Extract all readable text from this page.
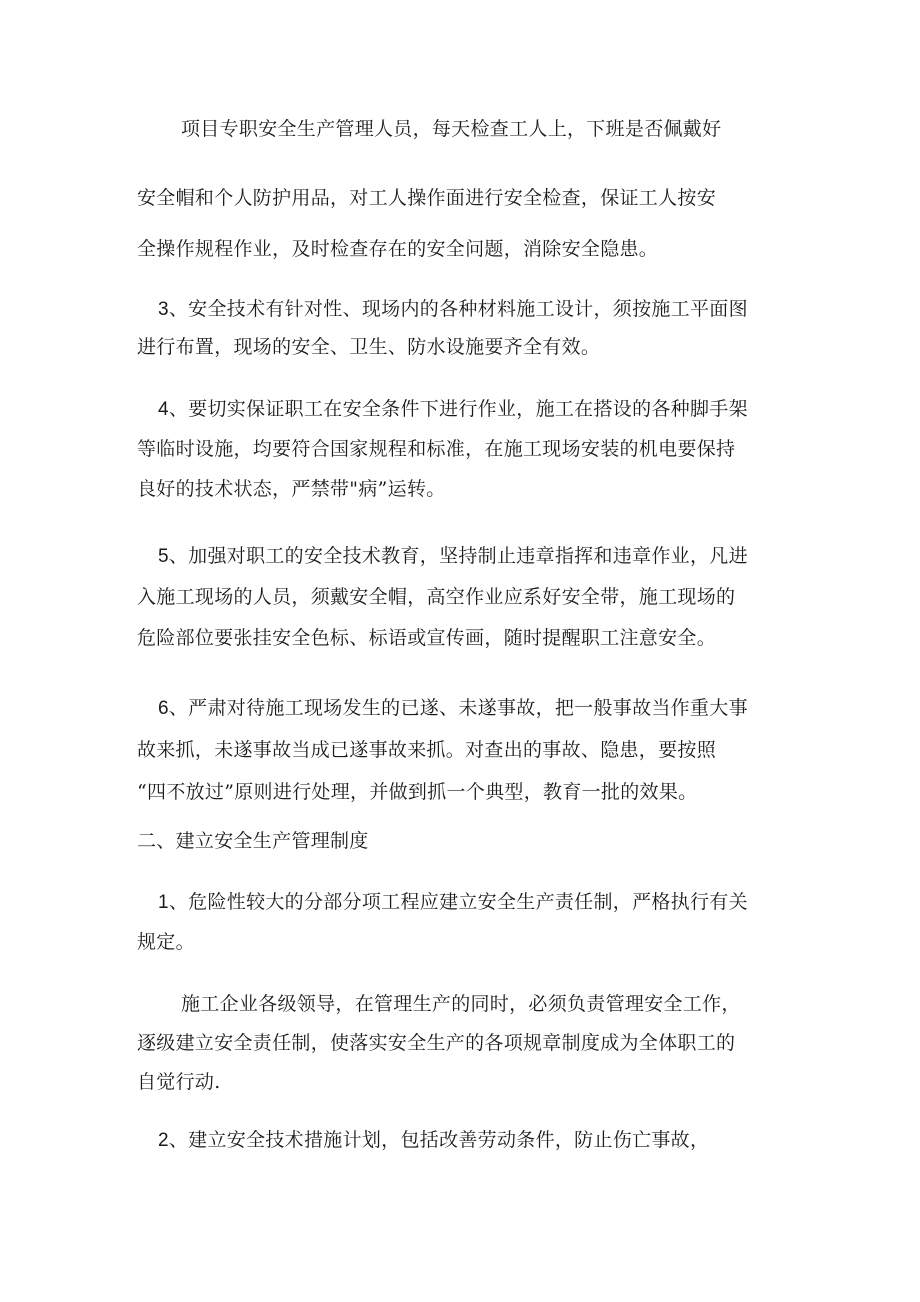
项目专职安全生产管理人员，每天检查工人上，下班是否佩戴好
安全帽和个人防护用品，对工人操作面进行安全检查，保证工人按安
全操作规程作业，及时检查存在的安全问题，消除安全隐患。
3、安全技术有针对性、现场内的各种材料施工设计，须按施工平面图
进行布置，现场的安全、卫生、防水设施要齐全有效。
4、要切实保证职工在安全条件下进行作业，施工在搭设的各种脚手架
等临时设施，均要符合国家规程和标准，在施工现场安装的机电要保持
良好的技术状态，严禁带"病”运转。
5、加强对职工的安全技术教育，坚持制止违章指挥和违章作业，凡进
入施工现场的人员，须戴安全帽，高空作业应系好安全带，施工现场的
危险部位要张挂安全色标、标语或宣传画，随时提醒职工注意安全。
6、严肃对待施工现场发生的已遂、未遂事故，把一般事故当作重大事
故来抓，未遂事故当成已遂事故来抓。对查出的事故、隐患，要按照
“四不放过”原则进行处理，并做到抓一个典型，教育一批的效果。
二、建立安全生产管理制度
1、危险性较大的分部分项工程应建立安全生产责任制，严格执行有关
规定。
施工企业各级领导，在管理生产的同时，必须负责管理安全工作，
逐级建立安全责任制，使落实安全生产的各项规章制度成为全体职工的
自觉行动.
2、建立安全技术措施计划，包括改善劳动条件，防止伤亡事故，
